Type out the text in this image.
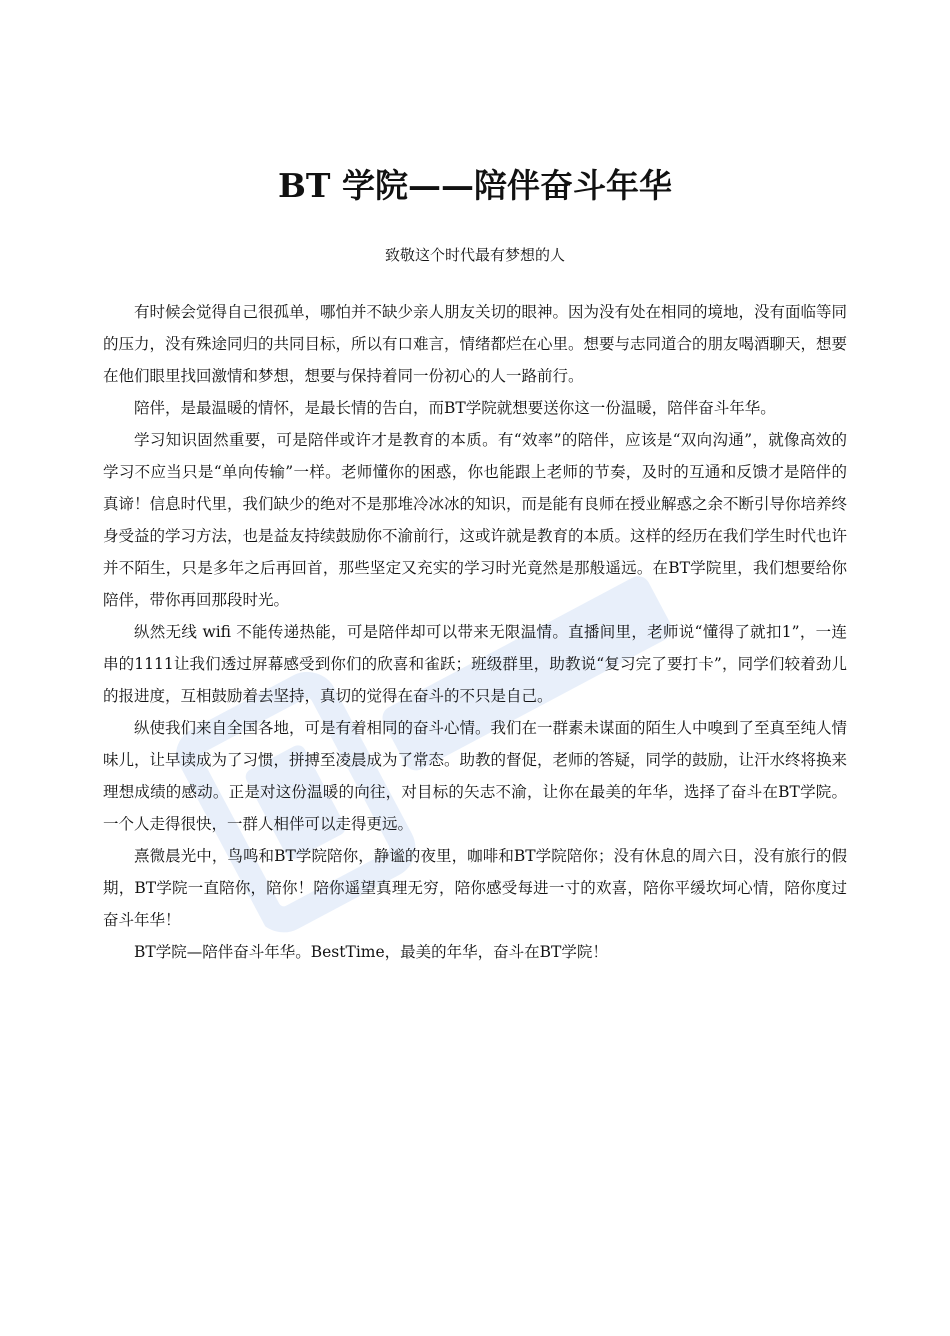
BT 学院——陪伴奋斗年华
致敬这个时代最有梦想的人

有时候会觉得自己很孤单，哪怕并不缺少亲人朋友关切的眼神。因为没有处在相同的境地，没有面临等同的压力，没有殊途同归的共同目标，所以有口难言，情绪都烂在心里。想要与志同道合的朋友喝酒聊天，想要在他们眼里找回激情和梦想，想要与保持着同一份初心的人一路前行。

陪伴，是最温暖的情怀，是最长情的告白，而BT学院就想要送你这一份温暖，陪伴奋斗年华。

学习知识固然重要，可是陪伴或许才是教育的本质。有“效率”的陪伴，应该是“双向沟通”，就像高效的学习不应当只是“单向传输”一样。老师懂你的困惑，你也能跟上老师的节奏，及时的互通和反馈才是陪伴的真谛！信息时代里，我们缺少的绝对不是那堆冷冰冰的知识，而是能有良师在授业解惑之余不断引导你培养终身受益的学习方法，也是益友持续鼓励你不渝前行，这或许就是教育的本质。这样的经历在我们学生时代也许并不陌生，只是多年之后再回首，那些坚定又充实的学习时光竟然是那般遥远。在BT学院里，我们想要给你陪伴，带你再回那段时光。

纵然无线 wifi 不能传递热能，可是陪伴却可以带来无限温情。直播间里，老师说“懂得了就扣1”，一连串的1111让我们透过屏幕感受到你们的欣喜和雀跃；班级群里，助教说“复习完了要打卡”，同学们较着劲儿的报进度，互相鼓励着去坚持，真切的觉得在奋斗的不只是自己。

纵使我们来自全国各地，可是有着相同的奋斗心情。我们在一群素未谋面的陌生人中嗅到了至真至纯人情味儿，让早读成为了习惯，拼搏至凌晨成为了常态。助教的督促，老师的答疑，同学的鼓励，让汗水终将换来理想成绩的感动。正是对这份温暖的向往，对目标的矢志不渝，让你在最美的年华，选择了奋斗在BT学院。一个人走得很快，一群人相伴可以走得更远。

熹微晨光中，鸟鸣和BT学院陪你，静谧的夜里，咖啡和BT学院陪你；没有休息的周六日，没有旅行的假期，BT学院一直陪你，陪你！陪你遥望真理无穷，陪你感受每进一寸的欢喜，陪你平缓坎坷心情，陪你度过奋斗年华！

BT学院—陪伴奋斗年华。BestTime，最美的年华，奋斗在BT学院！
